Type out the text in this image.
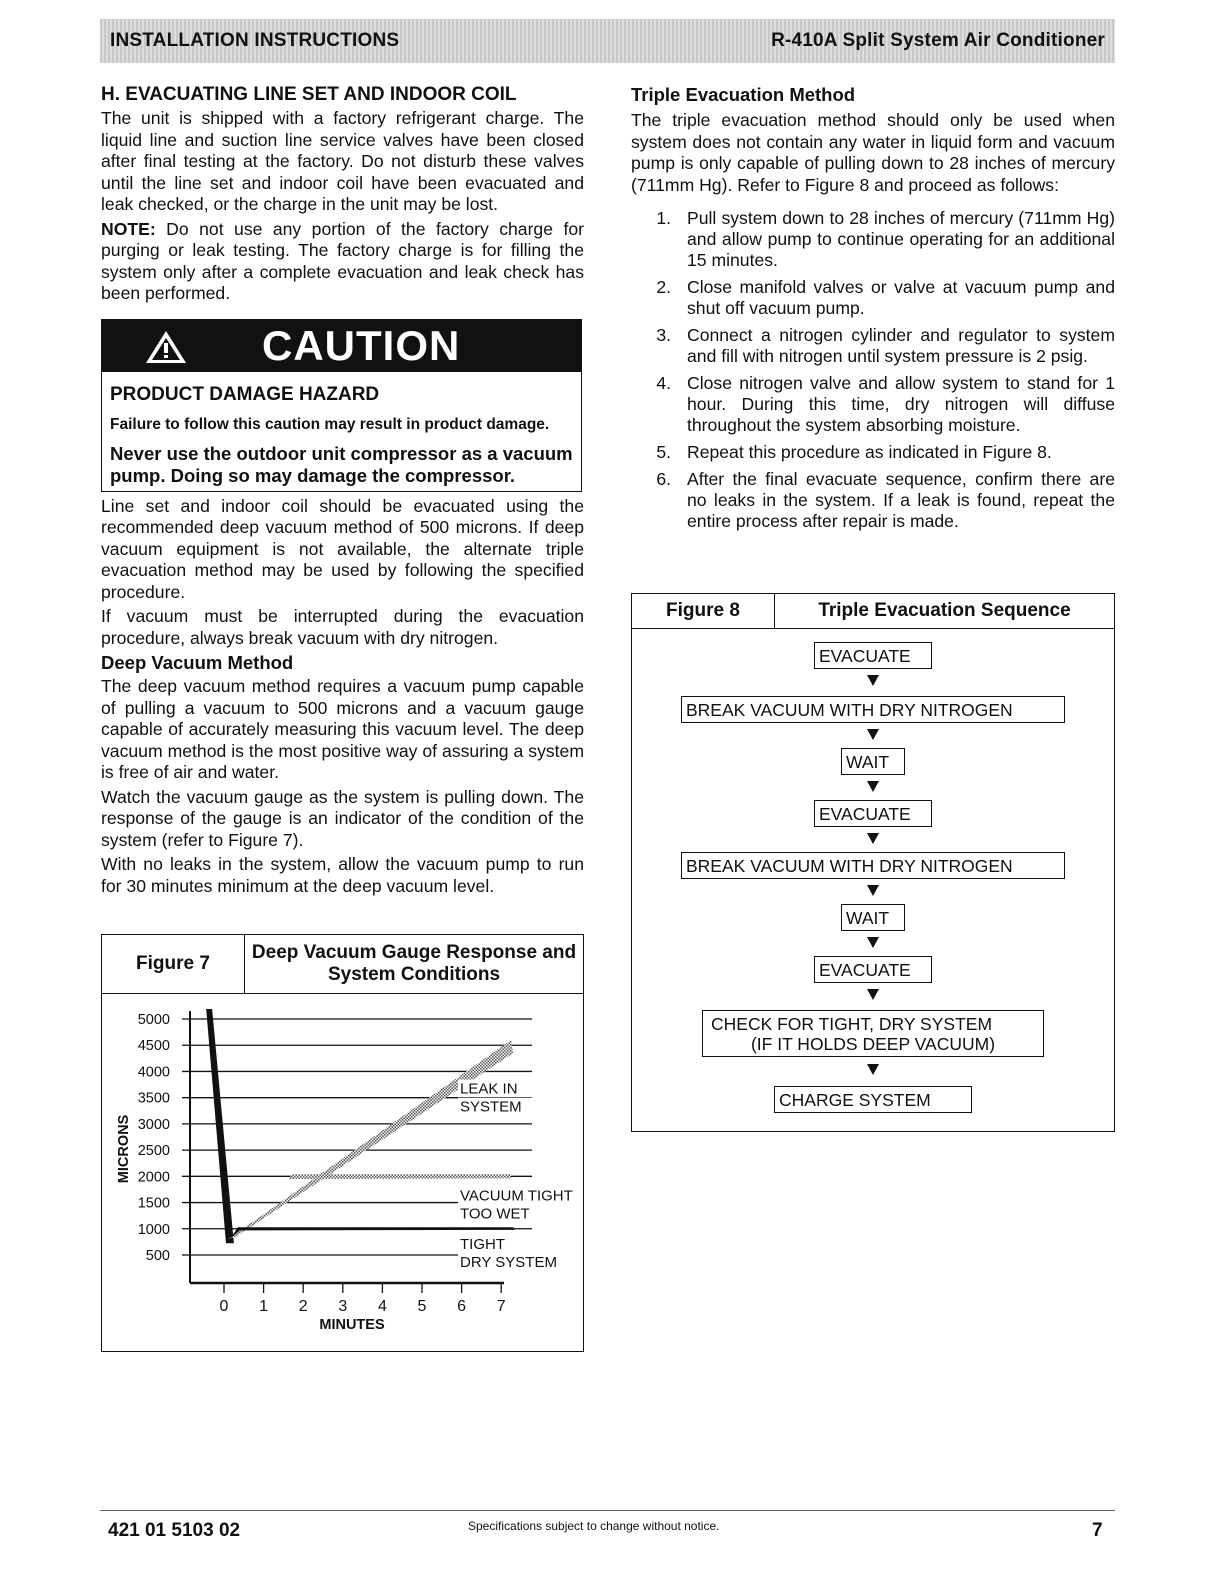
INSTALLATION INSTRUCTIONS	R-410A Split System Air Conditioner
H. EVACUATING LINE SET AND INDOOR COIL

The unit is shipped with a factory refrigerant charge. The liquid line and suction line service valves have been closed after final testing at the factory. Do not disturb these valves until the line set and indoor coil have been evacuated and leak checked, or the charge in the unit may be lost.

NOTE: Do not use any portion of the factory charge for purging or leak testing. The factory charge is for filling the system only after a complete evacuation and leak check has been performed.

CAUTION
PRODUCT DAMAGE HAZARD
Failure to follow this caution may result in product damage.
Never use the outdoor unit compressor as a vacuum pump. Doing so may damage the compressor.

Line set and indoor coil should be evacuated using the recommended deep vacuum method of 500 microns. If deep vacuum equipment is not available, the alternate triple evacuation method may be used by following the specified procedure.

If vacuum must be interrupted during the evacuation procedure, always break vacuum with dry nitrogen.

Deep Vacuum Method

The deep vacuum method requires a vacuum pump capable of pulling a vacuum to 500 microns and a vacuum gauge capable of accurately measuring this vacuum level. The deep vacuum method is the most positive way of assuring a system is free of air and water.

Watch the vacuum gauge as the system is pulling down. The response of the gauge is an indicator of the condition of the system (refer to Figure 7).

With no leaks in the system, allow the vacuum pump to run for 30 minutes minimum at the deep vacuum level.

Figure 7
Deep Vacuum Gauge Response and System Conditions
LEAK IN
SYSTEM
VACUUM TIGHT
TOO WET
TIGHT
DRY SYSTEM
500
1000
1500
2000
2500
3000
3500
4000
4500
5000
0 1 2 3 4 5 6 7
MINUTES
MICRONS
Triple Evacuation Method

The triple evacuation method should only be used when system does not contain any water in liquid form and vacuum pump is only capable of pulling down to 28 inches of mercury (711mm Hg). Refer to Figure 8 and proceed as follows:

1. Pull system down to 28 inches of mercury (711mm Hg) and allow pump to continue operating for an additional 15 minutes.
2. Close manifold valves or valve at vacuum pump and shut off vacuum pump.
3. Connect a nitrogen cylinder and regulator to system and fill with nitrogen until system pressure is 2 psig.
4. Close nitrogen valve and allow system to stand for 1 hour. During this time, dry nitrogen will diffuse throughout the system absorbing moisture.
5. Repeat this procedure as indicated in Figure 8.
6. After the final evacuate sequence, confirm there are no leaks in the system. If a leak is found, repeat the entire process after repair is made.
Figure 8	Triple Evacuation Sequence
EVACUATE
BREAK VACUUM WITH DRY NITROGEN
WAIT
EVACUATE
BREAK VACUUM WITH DRY NITROGEN
WAIT
EVACUATE
CHECK FOR TIGHT, DRY SYSTEM
(IF IT HOLDS DEEP VACUUM)
CHARGE SYSTEM
421 01 5103 02	Specifications subject to change without notice.	7
